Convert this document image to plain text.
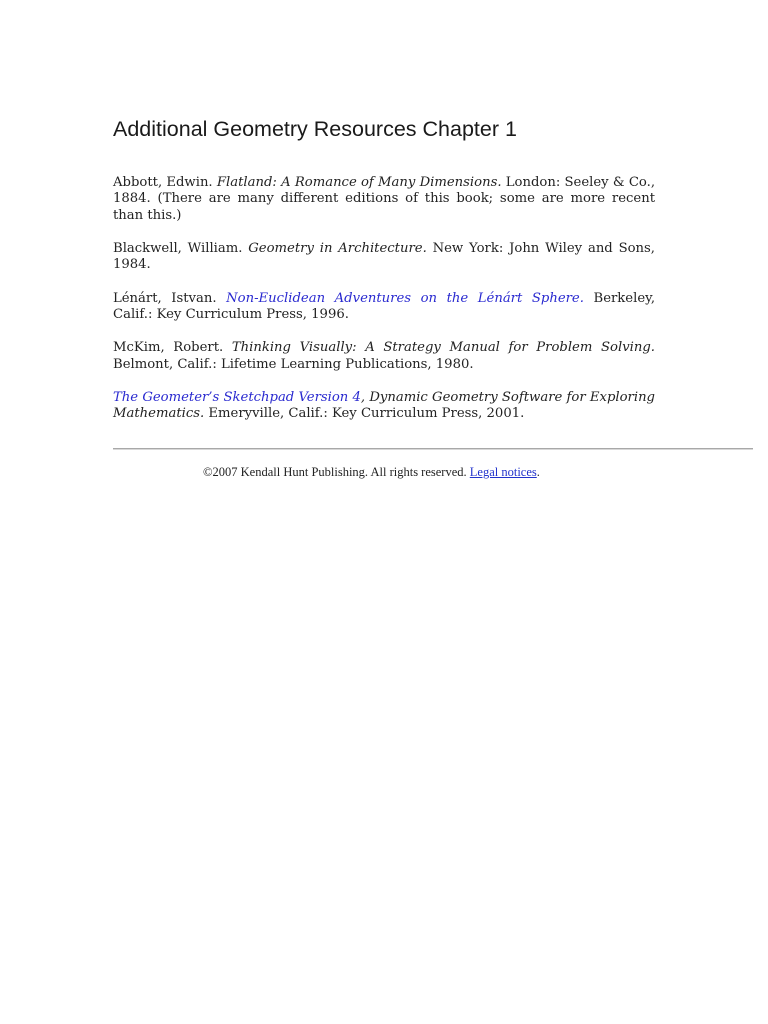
Additional Geometry Resources Chapter 1

Abbott, Edwin. Flatland: A Romance of Many Dimensions. London: Seeley & Co., 1884. (There are many different editions of this book; some are more recent than this.)

Blackwell, William. Geometry in Architecture. New York: John Wiley and Sons, 1984.

Lénárt, Istvan. Non-Euclidean Adventures on the Lénárt Sphere. Berkeley, Calif.: Key Curriculum Press, 1996.

McKim, Robert. Thinking Visually: A Strategy Manual for Problem Solving. Belmont, Calif.: Lifetime Learning Publications, 1980.

The Geometer’s Sketchpad Version 4, Dynamic Geometry Software for Exploring Mathematics. Emeryville, Calif.: Key Curriculum Press, 2001.

©2007 Kendall Hunt Publishing. All rights reserved. Legal notices.
